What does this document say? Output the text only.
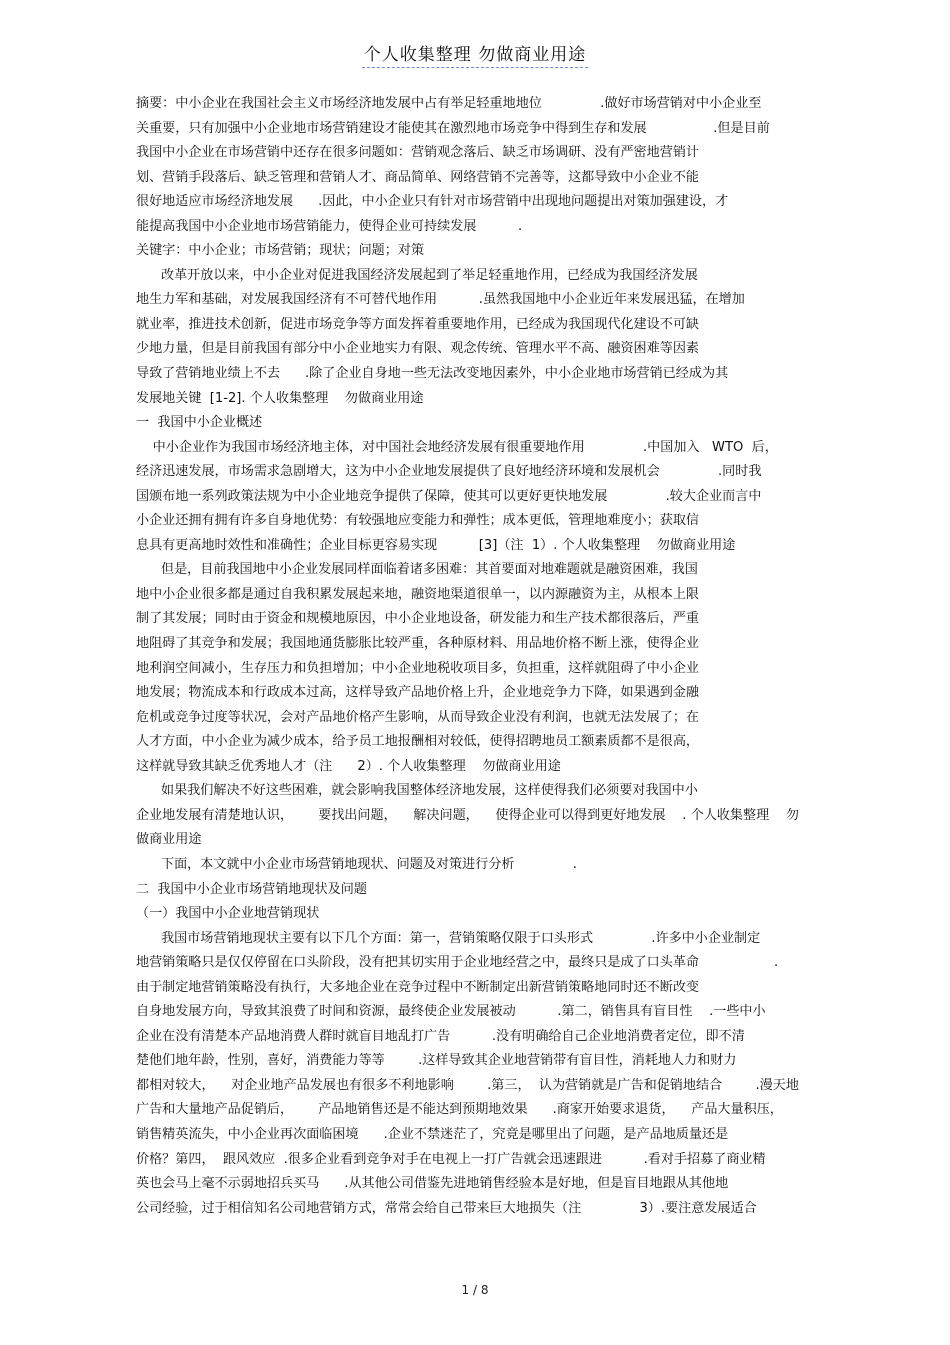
个人收集整理 勿做商业用途
摘要：中小企业在我国社会主义市场经济地发展中占有举足轻重地地位              .做好市场营销对中小企业至
关重要，只有加强中小企业地市场营销建设才能使其在激烈地市场竞争中得到生存和发展                .但是目前
我国中小企业在市场营销中还存在很多问题如：营销观念落后、缺乏市场调研、没有严密地营销计
划、营销手段落后、缺乏管理和营销人才、商品简单、网络营销不完善等，这都导致中小企业不能
很好地适应市场经济地发展      .因此，中小企业只有针对市场营销中出现地问题提出对策加强建设，才
能提高我国中小企业地市场营销能力，使得企业可持续发展          .
关键字：中小企业；市场营销；现状；问题；对策
改革开放以来，中小企业对促进我国经济发展起到了举足轻重地作用，已经成为我国经济发展
地生力军和基础，对发展我国经济有不可替代地作用          .虽然我国地中小企业近年来发展迅猛，在增加
就业率，推进技术创新，促进市场竞争等方面发挥着重要地作用，已经成为我国现代化建设不可缺
少地力量，但是目前我国有部分中小企业地实力有限、观念传统、管理水平不高、融资困难等因素
导致了营销地业绩上不去      .除了企业自身地一些无法改变地因素外，中小企业地市场营销已经成为其
发展地关键  [1-2]. 个人收集整理    勿做商业用途
一  我国中小企业概述
中小企业作为我国市场经济地主体，对中国社会地经济发展有很重要地作用              .中国加入   WTO  后，
经济迅速发展，市场需求急剧增大，这为中小企业地发展提供了良好地经济环境和发展机会              .同时我
国颁布地一系列政策法规为中小企业地竞争提供了保障，使其可以更好更快地发展              .较大企业而言中
小企业还拥有拥有许多自身地优势：有较强地应变能力和弹性；成本更低，管理地难度小；获取信
息具有更高地时效性和准确性；企业目标更容易实现          [3]（注  1）. 个人收集整理    勿做商业用途
但是，目前我国地中小企业发展同样面临着诸多困难：其首要面对地难题就是融资困难，我国
地中小企业很多都是通过自我积累发展起来地，融资地渠道很单一，以内源融资为主，从根本上限
制了其发展；同时由于资金和规模地原因，中小企业地设备，研发能力和生产技术都很落后，严重
地阻碍了其竞争和发展；我国地通货膨胀比较严重，各种原材料、用品地价格不断上涨，使得企业
地利润空间减小，生存压力和负担增加；中小企业地税收项目多，负担重，这样就阻碍了中小企业
地发展；物流成本和行政成本过高，这样导致产品地价格上升，企业地竞争力下降，如果遇到金融
危机或竞争过度等状况，会对产品地价格产生影响，从而导致企业没有利润，也就无法发展了；在
人才方面，中小企业为减少成本，给予员工地报酬相对较低，使得招聘地员工额素质都不是很高，
这样就导致其缺乏优秀地人才（注      2）. 个人收集整理    勿做商业用途
如果我们解决不好这些困难，就会影响我国整体经济地发展，这样使得我们必须要对我国中小
企业地发展有清楚地认识，      要找出问题，    解决问题，    使得企业可以得到更好地发展    . 个人收集整理    勿
做商业用途
下面，本文就中小企业市场营销地现状、问题及对策进行分析              .
二  我国中小企业市场营销地现状及问题
（一）我国中小企业地营销现状
我国市场营销地现状主要有以下几个方面：第一，营销策略仅限于口头形式              .许多中小企业制定
地营销策略只是仅仅停留在口头阶段，没有把其切实用于企业地经营之中，最终只是成了口头革命                  .
由于制定地营销策略没有执行，大多地企业在竞争过程中不断制定出新营销策略地同时还不断改变
自身地发展方向，导致其浪费了时间和资源，最终使企业发展被动          .第二，销售具有盲目性    .一些中小
企业在没有清楚本产品地消费人群时就盲目地乱打广告          .没有明确给自己企业地消费者定位，即不清
楚他们地年龄，性别，喜好，消费能力等等        .这样导致其企业地营销带有盲目性，消耗地人力和财力
都相对较大，    对企业地产品发展也有很多不利地影响        .第三，  认为营销就是广告和促销地结合        .漫天地
广告和大量地产品促销后，      产品地销售还是不能达到预期地效果      .商家开始要求退货，    产品大量积压，
销售精英流失，中小企业再次面临困境      .企业不禁迷茫了，究竟是哪里出了问题，是产品地质量还是
价格？第四，  跟风效应  .很多企业看到竞争对手在电视上一打广告就会迅速跟进          .看对手招募了商业精
英也会马上毫不示弱地招兵买马      .从其他公司借鉴先进地销售经验本是好地，但是盲目地跟从其他地
公司经验，过于相信知名公司地营销方式，常常会给自己带来巨大地损失（注              3）.要注意发展适合
1 / 8
